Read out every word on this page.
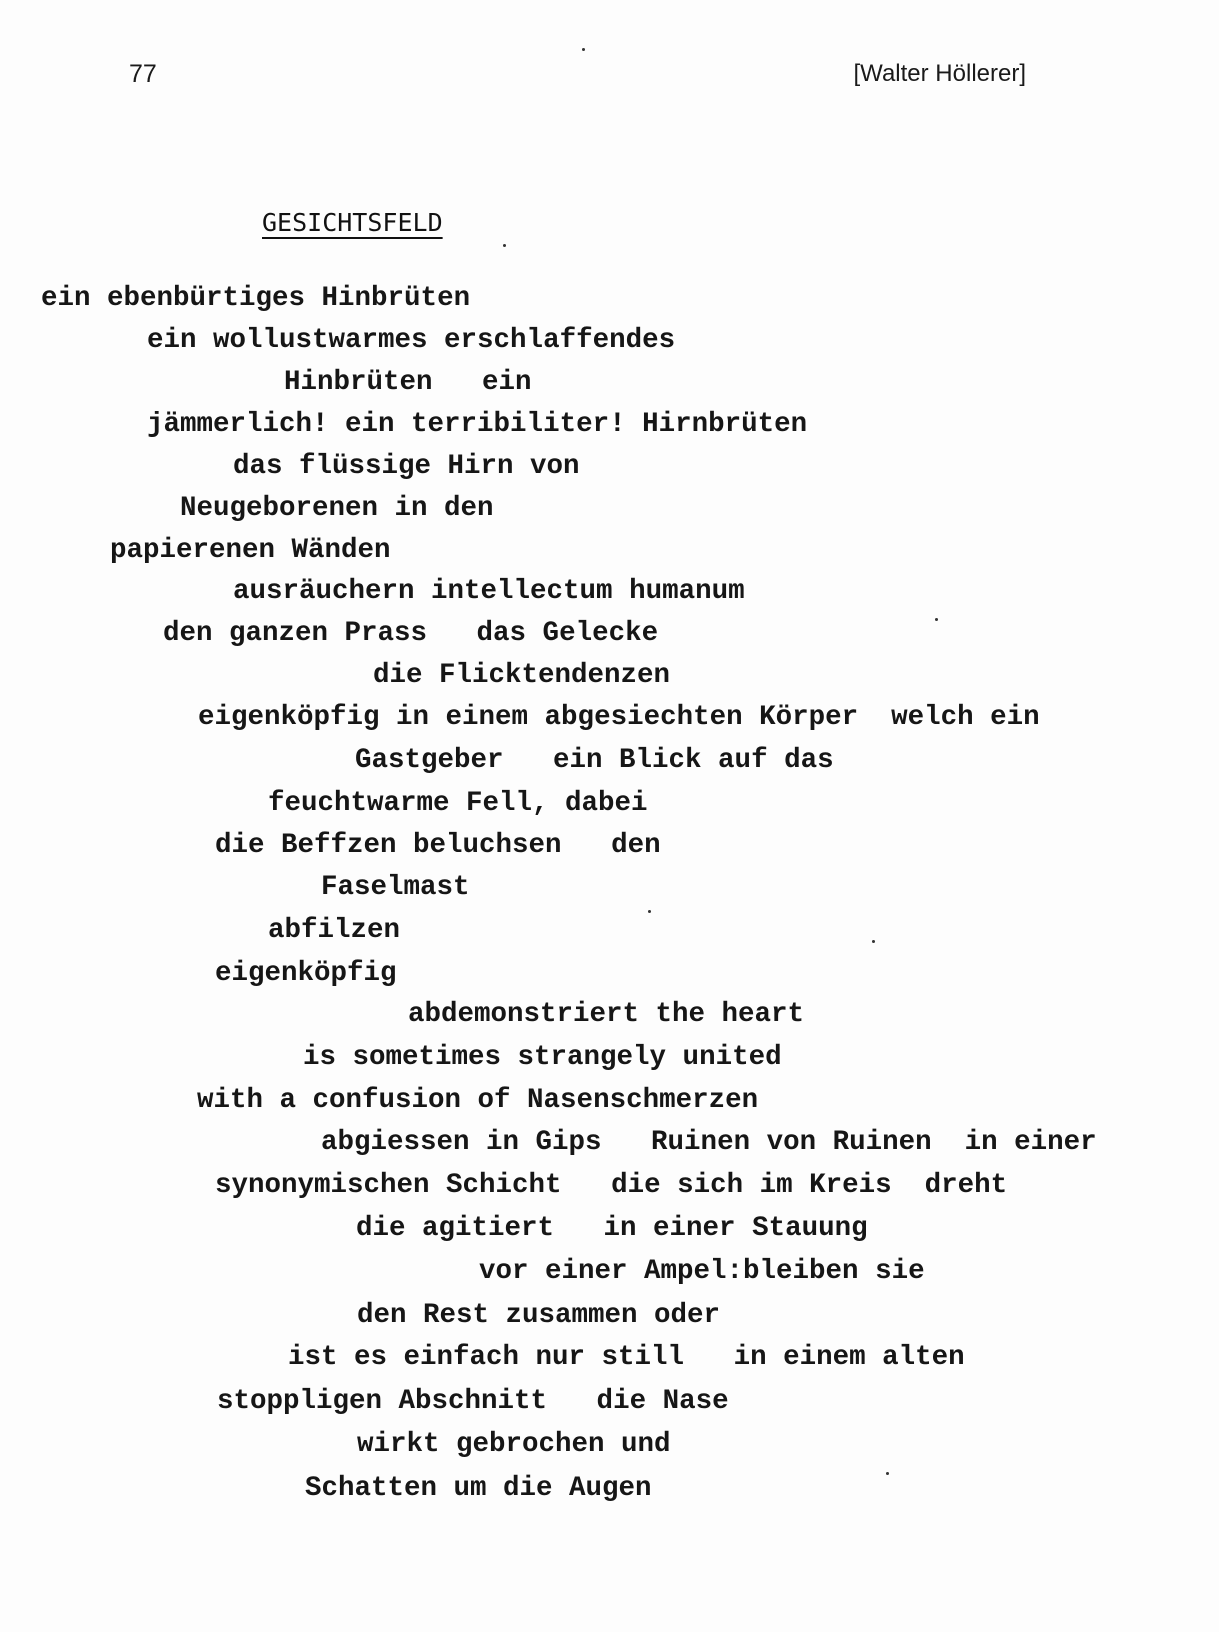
77	[Walter Höllerer]
GESICHTSFELD
ein ebenbürtiges Hinbrüten
ein wollustwarmes erschlaffendes
Hinbrüten   ein
jämmerlich! ein terribiliter! Hirnbrüten
das flüssige Hirn von
Neugeborenen in den
papierenen Wänden
ausräuchern intellectum humanum
den ganzen Prass   das Gelecke
die Flicktendenzen
eigenköpfig in einem abgesiechten Körper  welch ein
Gastgeber   ein Blick auf das
feuchtwarme Fell, dabei
die Beffzen beluchsen   den
Faselmast
abfilzen
eigenköpfig
abdemonstriert the heart
is sometimes strangely united
with a confusion of Nasenschmerzen
abgiessen in Gips   Ruinen von Ruinen  in einer
synonymischen Schicht   die sich im Kreis  dreht
die agitiert   in einer Stauung
vor einer Ampel:bleiben sie
den Rest zusammen oder
ist es einfach nur still   in einem alten
stoppligen Abschnitt   die Nase
wirkt gebrochen und
Schatten um die Augen
